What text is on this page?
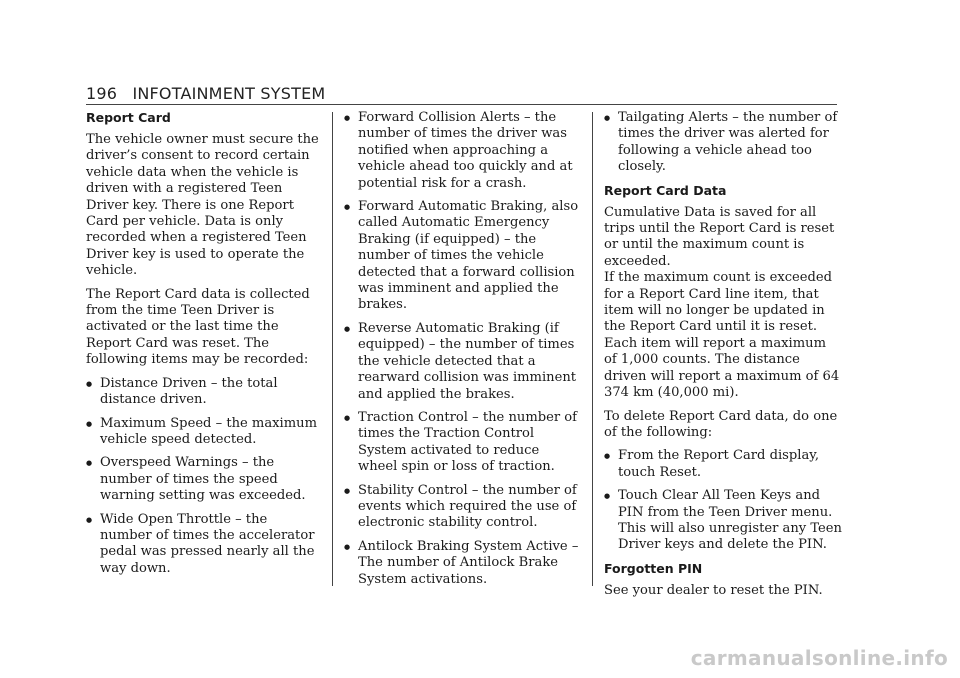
196 INFOTAINMENT SYSTEM
Report Card

The vehicle owner must secure the driver’s consent to record certain vehicle data when the vehicle is driven with a registered Teen Driver key. There is one Report Card per vehicle. Data is only recorded when a registered Teen Driver key is used to operate the vehicle.

The Report Card data is collected from the time Teen Driver is activated or the last time the Report Card was reset. The following items may be recorded:

● Distance Driven – the total distance driven.
● Maximum Speed – the maximum vehicle speed detected.
● Overspeed Warnings – the number of times the speed warning setting was exceeded.
● Wide Open Throttle – the number of times the accelerator pedal was pressed nearly all the way down.
● Forward Collision Alerts – the number of times the driver was notified when approaching a vehicle ahead too quickly and at potential risk for a crash.
● Forward Automatic Braking, also called Automatic Emergency Braking (if equipped) – the number of times the vehicle detected that a forward collision was imminent and applied the brakes.
● Reverse Automatic Braking (if equipped) – the number of times the vehicle detected that a rearward collision was imminent and applied the brakes.
● Traction Control – the number of times the Traction Control System activated to reduce wheel spin or loss of traction.
● Stability Control – the number of events which required the use of electronic stability control.
● Antilock Braking System Active – The number of Antilock Brake System activations.
● Tailgating Alerts – the number of times the driver was alerted for following a vehicle ahead too closely.
Report Card Data

Cumulative Data is saved for all trips until the Report Card is reset or until the maximum count is exceeded.

If the maximum count is exceeded for a Report Card line item, that item will no longer be updated in the Report Card until it is reset. Each item will report a maximum of 1,000 counts. The distance driven will report a maximum of 64 374 km (40,000 mi).

To delete Report Card data, do one of the following:

● From the Report Card display, touch Reset.
● Touch Clear All Teen Keys and PIN from the Teen Driver menu. This will also unregister any Teen Driver keys and delete the PIN.
Forgotten PIN

See your dealer to reset the PIN.

carmanualsonline.info
